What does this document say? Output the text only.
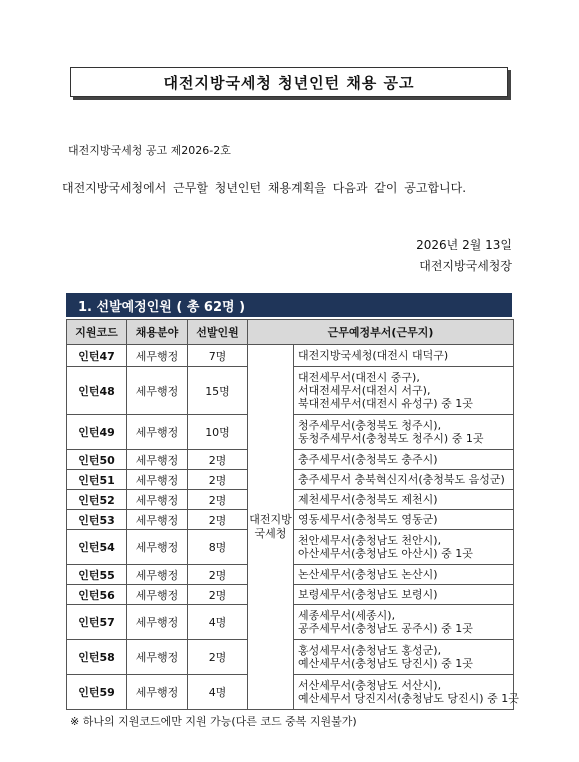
대전지방국세청 청년인턴 채용 공고
대전지방국세청 공고 제2026-2호
대전지방국세청에서 근무할 청년인턴 채용계획을 다음과 같이 공고합니다.
2026년 2월 13일
대전지방국세청장
1. 선발예정인원 ( 총 62명 )
지원코드	채용분야	선발인원	근무예정부서(근무지)	
인턴47	세무행정	7명	대전지방국세청	대전지방국세청(대전시 대덕구)

인턴48	세무행정	15명		대전세무서(대전시 중구),
서대전세무서(대전시 서구),
북대전세무서(대전시 유성구) 중 1곳

인턴49	세무행정	10명		청주세무서(충청북도 청주시),
동청주세무서(충청북도 청주시) 중 1곳

인턴50	세무행정	2명		충주세무서(충청북도 충주시)

인턴51	세무행정	2명		충주세무서 충북혁신지서(충청북도 음성군)

인턴52	세무행정	2명		제천세무서(충청북도 제천시)

인턴53	세무행정	2명		영동세무서(충청북도 영동군)

인턴54	세무행정	8명		천안세무서(충청남도 천안시),
아산세무서(충청남도 아산시) 중 1곳

인턴55	세무행정	2명		논산세무서(충청남도 논산시)

인턴56	세무행정	2명		보령세무서(충청남도 보령시)

인턴57	세무행정	4명		세종세무서(세종시),
공주세무서(충청남도 공주시) 중 1곳

인턴58	세무행정	2명		홍성세무서(충청남도 홍성군),
예산세무서(충청남도 당진시) 중 1곳

인턴59	세무행정	4명		서산세무서(충청남도 서산시),
예산세무서 당진지서(충청남도 당진시) 중 1곳
※ 하나의 지원코드에만 지원 가능(다른 코드 중복 지원불가)
